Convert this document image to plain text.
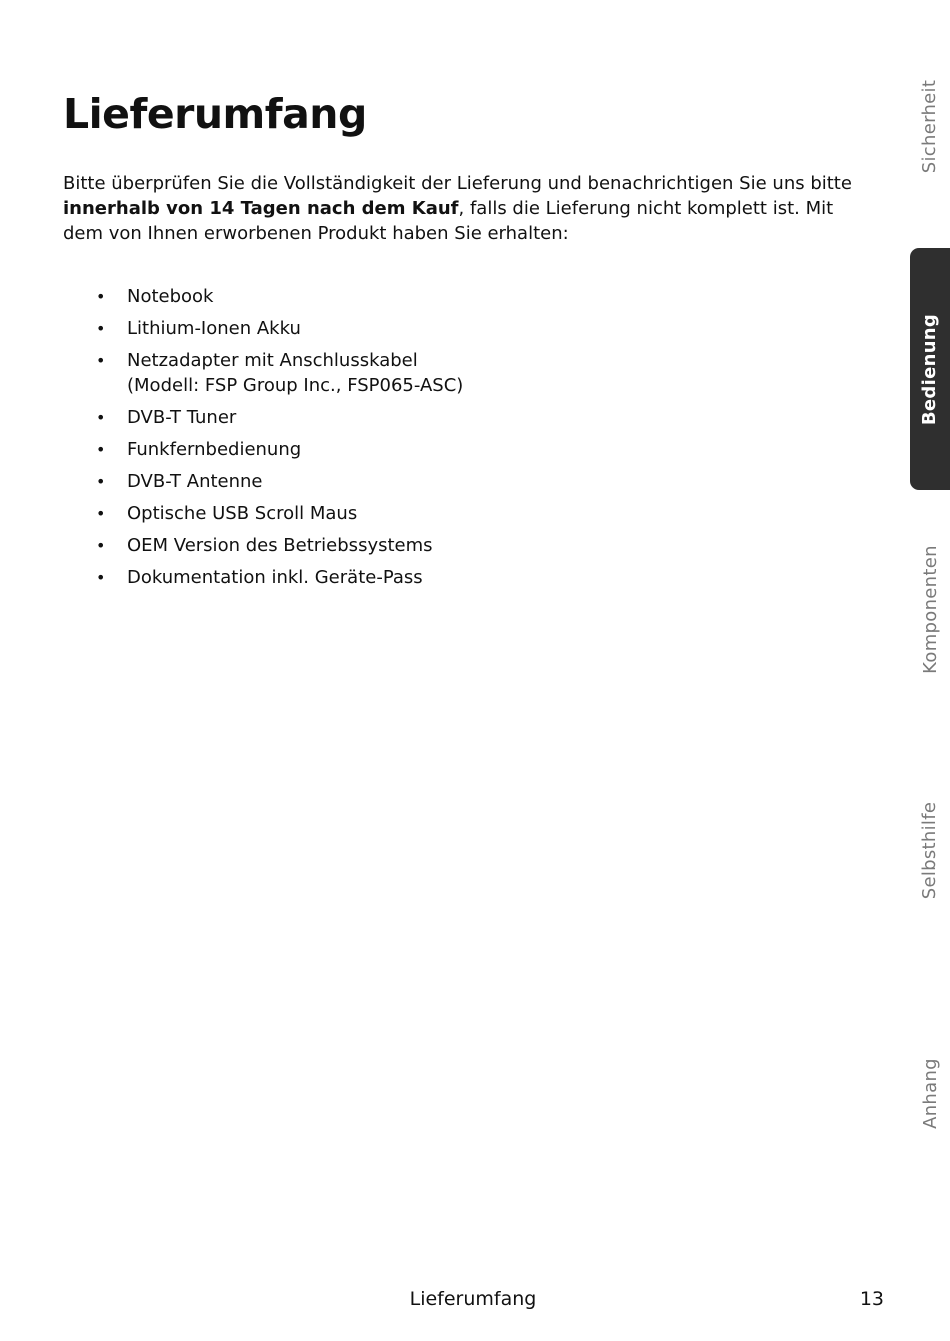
Lieferumfang

Bitte überprüfen Sie die Vollständigkeit der Lieferung und benachrichtigen Sie uns bitte innerhalb von 14 Tagen nach dem Kauf, falls die Lieferung nicht komplett ist. Mit dem von Ihnen erworbenen Produkt haben Sie erhalten:

• Notebook
• Lithium-Ionen Akku
• Netzadapter mit Anschlusskabel
(Modell: FSP Group Inc., FSP065-ASC)
• DVB-T Tuner
• Funkfernbedienung
• DVB-T Antenne
• Optische USB Scroll Maus
• OEM Version des Betriebssystems
• Dokumentation inkl. Geräte-Pass
Sicherheit
Bedienung
Komponenten
Selbsthilfe
Anhang
Lieferumfang	13
